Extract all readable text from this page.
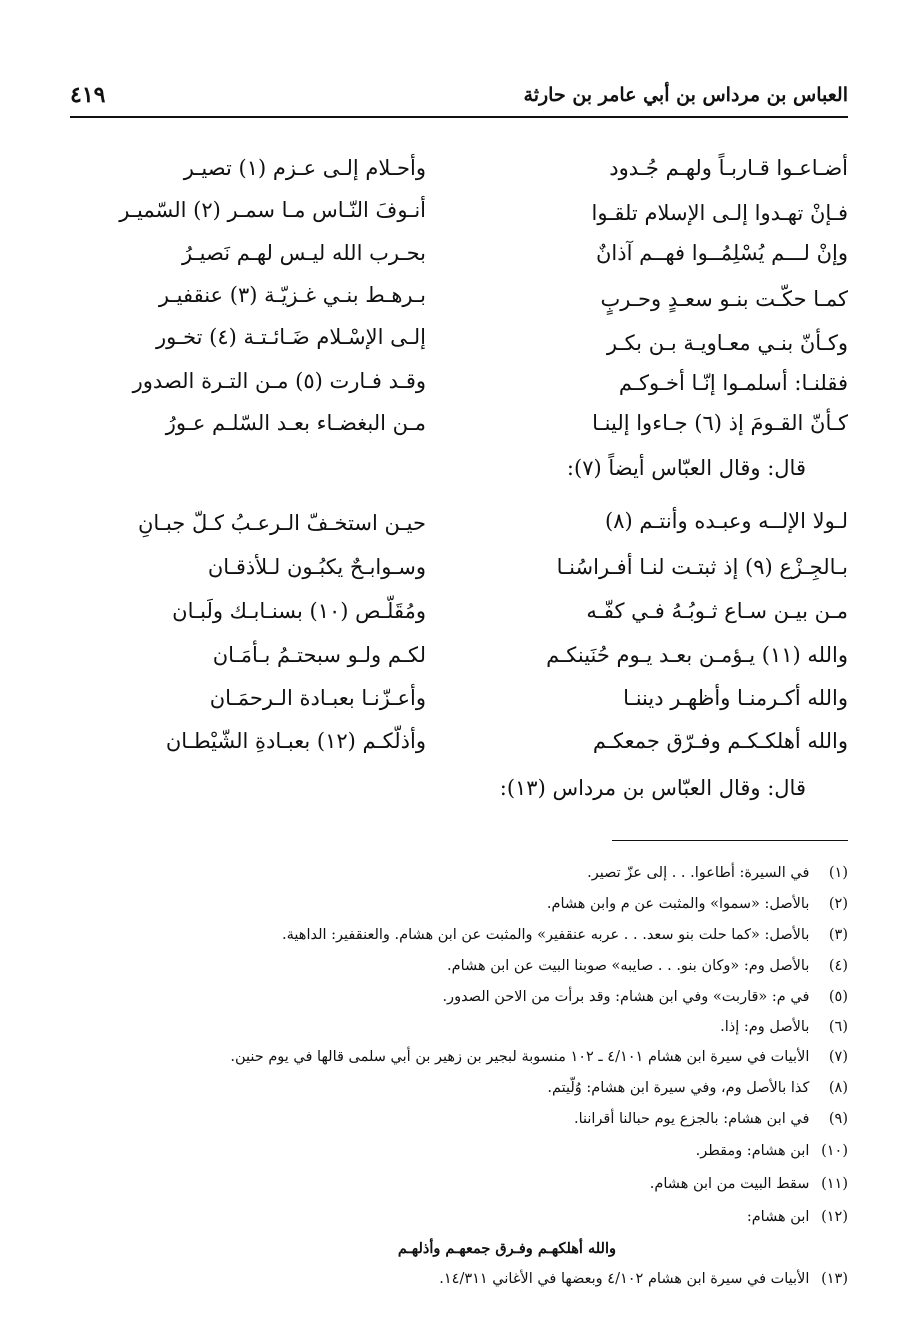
العباس بن مرداس بن أبي عامر بن حارثة
٤١٩
أضـاعـوا قـاربـاً ولهـم جُـدود
فـإنْ تهـدوا إلـى الإسلام تلقـوا
وإنْ لـــم يُسْلِمُــوا فهــم آذانٌ
كمـا حكّـت بنـو سعـدٍ وحـربٍ
وكـأنّ بنـي معـاويـة بـن بكـر
فقلنـا: أسلمـوا إنّـا أخـوكـم
كـأنّ القـومَ إذ (٦) جـاءوا إلينـا
وأحـلام إلـى عـزم (١) تصيـر
أنـوفَ النّـاس مـا سمـر (٢) السّميـر
بحـرب الله ليـس لهـم نَصيـرُ
بـرهـط بنـي غـزيّـة (٣) عنقفيـر
إلـى الإسْـلام ضَـائـتـة (٤) تخـور
وقـد فـارت (٥) مـن التـرة الصدور
مـن البغضـاء بعـد السّلـم عـورُ
قال: وقال العبّاس أيضاً (٧):
لـولا الإلــه وعبـده وأنتـم (٨)
بـالجِـزْع (٩) إذ ثبتـت لنـا أفـراسُنـا
مـن بيـن سـاع ثـوبُـهُ فـي كفّـه
والله (١١) يـؤمـن بعـد يـوم حُنَينكـم
والله أكـرمنـا وأظهـر ديننـا
والله أهلكـكـم وفـرّق جمعكـم
حيـن استخـفّ الـرعـبُ كـلّ جبـانِ
وسـوابـحٌ يكبُـون لـلأذقـان
ومُقَلّـص (١٠) بسنـابـك ولَبـان
لكـم ولـو سبحتـمُ بـأمَـان
وأعـزّنـا بعبـادة الـرحمَـان
وأذلّكـم (١٢) بعبـادةِ الشّيْطـان
قال: وقال العبّاس بن مرداس (١٣):
(١) في السيرة: أطاعوا. . . إلى عزّ تصير.
(٢) بالأصل: «سموا» والمثبت عن م وابن هشام.
(٣) بالأصل: «كما حلت بنو سعد. . . عربه عنقفير» والمثبت عن ابن هشام. والعنقفير: الداهية.
(٤) بالأصل وم: «وكان بنو. . . صايبه» صوبنا البيت عن ابن هشام.
(٥) في م: «قاربت» وفي ابن هشام: وقد برأت من الاحن الصدور.
(٦) بالأصل وم: إذا.
(٧) الأبيات في سيرة ابن هشام ٤/١٠١ ـ ١٠٢ منسوبة لبجير بن زهير بن أبي سلمى قالها في يوم حنين.
(٨) كذا بالأصل وم، وفي سيرة ابن هشام: وُلّيتم.
(٩) في ابن هشام: بالجزع يوم حبالنا أقراننا.
(١٠) ابن هشام: ومقطر.
(١١) سقط البيت من ابن هشام.
(١٢) ابن هشام:
والله أهلكهـم وفـرق جمعهـم وأذلهـم
(١٣) الأبيات في سيرة ابن هشام ٤/١٠٢ وبعضها في الأغاني ١٤/٣١١.
